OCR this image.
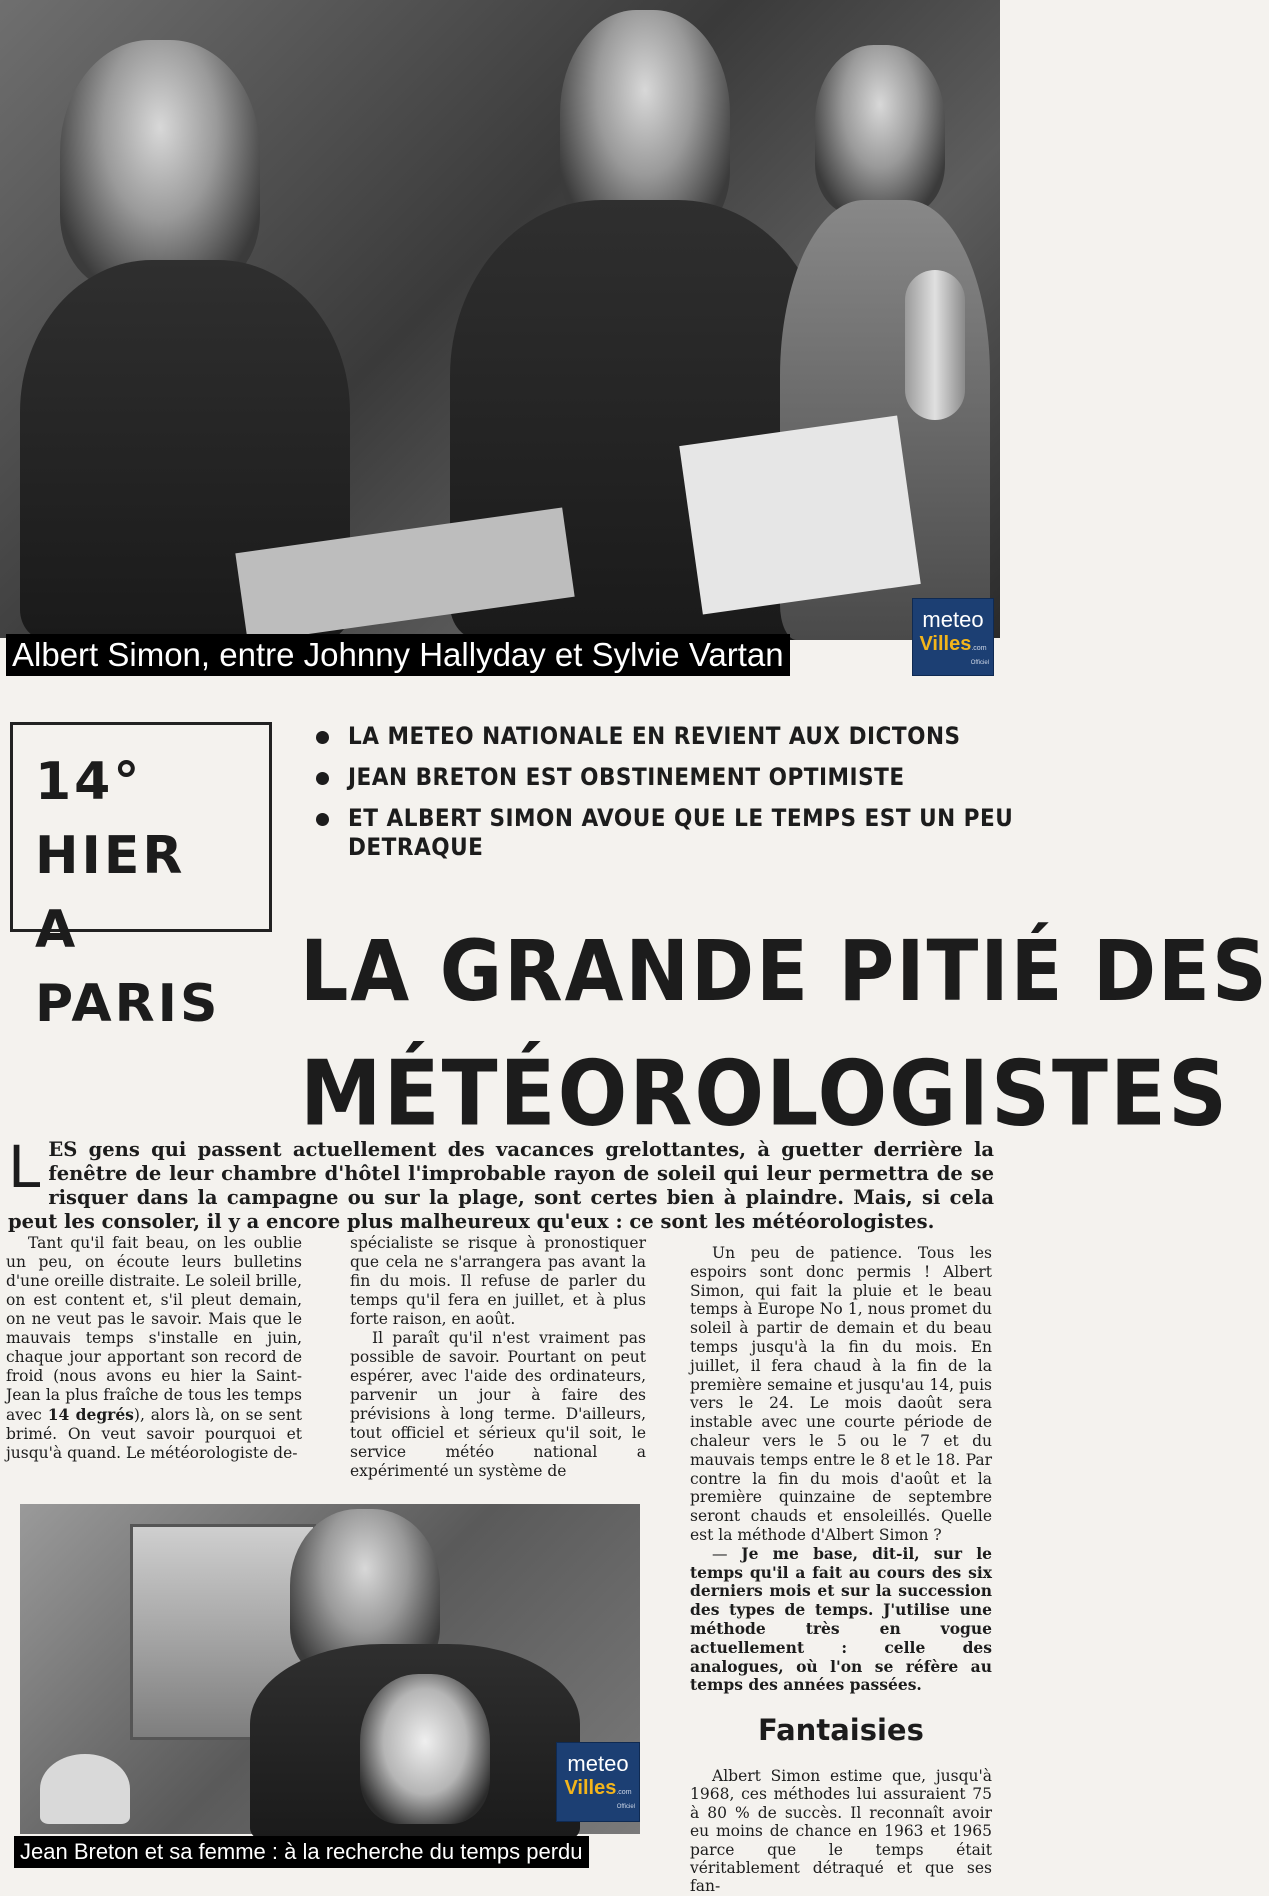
Albert Simon, entre Johnny Hallyday et Sylvie Vartan
meteo
Villes.com
Officiel
14° HIER
A PARIS
LA METEO NATIONALE EN REVIENT AUX DICTONS
JEAN BRETON EST OBSTINEMENT OPTIMISTE
ET ALBERT SIMON AVOUE QUE LE TEMPS EST UN PEU
DETRAQUE
LA GRANDE PITIÉ DES
MÉTÉOROLOGISTES
LES gens qui passent actuellement des vacances grelottantes, à guetter derrière la fenêtre de leur chambre d'hôtel l'improbable rayon de soleil qui leur permettra de se risquer dans la campagne ou sur la plage, sont certes bien à plaindre. Mais, si cela peut les consoler, il y a encore plus malheureux qu'eux : ce sont les météorologistes.

Tant qu'il fait beau, on les oublie un peu, on écoute leurs bulletins d'une oreille distraite. Le soleil brille, on est content et, s'il pleut demain, on ne veut pas le savoir. Mais que le mauvais temps s'installe en juin, chaque jour apportant son record de froid (nous avons eu hier la Saint-Jean la plus fraîche de tous les temps avec 14 degrés), alors là, on se sent brimé. On veut savoir pourquoi et jusqu'à quand. Le météorologiste de-

spécialiste se risque à pronostiquer que cela ne s'arrangera pas avant la fin du mois. Il refuse de parler du temps qu'il fera en juillet, et à plus forte raison, en août.

Il paraît qu'il n'est vraiment pas possible de savoir. Pourtant on peut espérer, avec l'aide des ordinateurs, parvenir un jour à faire des prévisions à long terme. D'ailleurs, tout officiel et sérieux qu'il soit, le service météo national a expérimenté un système de

Un peu de patience. Tous les espoirs sont donc permis ! Albert Simon, qui fait la pluie et le beau temps à Europe No 1, nous promet du soleil à partir de demain et du beau temps jusqu'à la fin du mois. En juillet, il fera chaud à la fin de la première semaine et jusqu'au 14, puis vers le 24. Le mois daoût sera instable avec une courte période de chaleur vers le 5 ou le 7 et du mauvais temps entre le 8 et le 18. Par contre la fin du mois d'août et la première quinzaine de septembre seront chauds et ensoleillés. Quelle est la méthode d'Albert Simon ?

— Je me base, dit-il, sur le temps qu'il a fait au cours des six derniers mois et sur la succession des types de temps. J'utilise une méthode très en vogue actuellement : celle des analogues, où l'on se réfère au temps des années passées.

Fantaisies

Albert Simon estime que, jusqu'à 1968, ces méthodes lui assuraient 75 à 80 % de succès. Il reconnaît avoir eu moins de chance en 1963 et 1965 parce que le temps était véritablement détraqué et que ses fan-

meteo
Villes.com
Officiel
Jean Breton et sa femme : à la recherche du temps perdu
